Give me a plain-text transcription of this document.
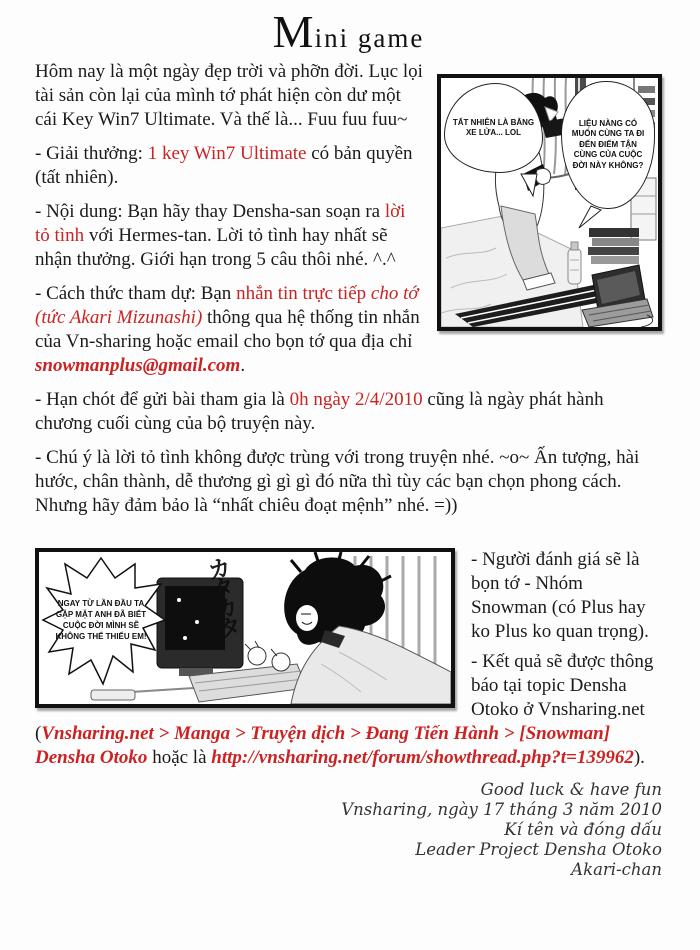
Mini game
TẤT NHIÊN LÀ BẰNG XE LỬA... LOL
LIỆU NÀNG CÓ MUỐN CÙNG TA ĐI ĐẾN ĐIỂM TẬN CÙNG CỦA CUỘC ĐỜI NÀY KHÔNG?

Hôm nay là một ngày đẹp trời và phỡn đời. Lục lọi tài sản còn lại của mình tớ phát hiện còn dư một cái Key Win7 Ultimate. Và thế là... Fuu fuu fuu~

- Giải thưởng: 1 key Win7 Ultimate có bản quyền (tất nhiên).

- Nội dung: Bạn hãy thay Densha-san soạn ra lời tỏ tình với Hermes-tan. Lời tỏ tình hay nhất sẽ nhận thưởng. Giới hạn trong 5 câu thôi nhé. ^.^

- Cách thức tham dự: Bạn nhắn tin trực tiếp cho tớ (tức Akari Mizunashi) thông qua hệ thống tin nhắn của Vn-sharing hoặc email cho bọn tớ qua địa chỉ snowmanplus@gmail.com.

- Hạn chót để gửi bài tham gia là 0h ngày 2/4/2010 cũng là ngày phát hành chương cuối cùng của bộ truyện này.

- Chú ý là lời tỏ tình không được trùng với trong truyện nhé. ~o~ Ấn tượng, hài hước, chân thành, dễ thương gì gì gì đó nữa thì tùy các bạn chọn phong cách. Nhưng hãy đảm bảo là “nhất chiêu đoạt mệnh” nhé. =))

NGAY TỪ LẦN ĐẦU TA GẶP MẶT ANH ĐÃ BIẾT CUỘC ĐỜI MÌNH SẼ KHÔNG THỂ THIẾU EM! カタカタ	- Người đánh giá sẽ là bọn tớ - Nhóm Snowman (có Plus hay ko Plus ko quan trọng).

- Kết quả sẽ được thông báo tại topic Densha Otoko ở Vnsharing.net (Vnsharing.net > Manga > Truyện dịch > Đang Tiến Hành > [Snowman] Densha Otoko hoặc là http://vnsharing.net/forum/showthread.php?t=139962).

Good luck & have fun
Vnsharing, ngày 17 tháng 3 năm 2010
Kí tên và đóng dấu
Leader Project Densha Otoko
Akari-chan
